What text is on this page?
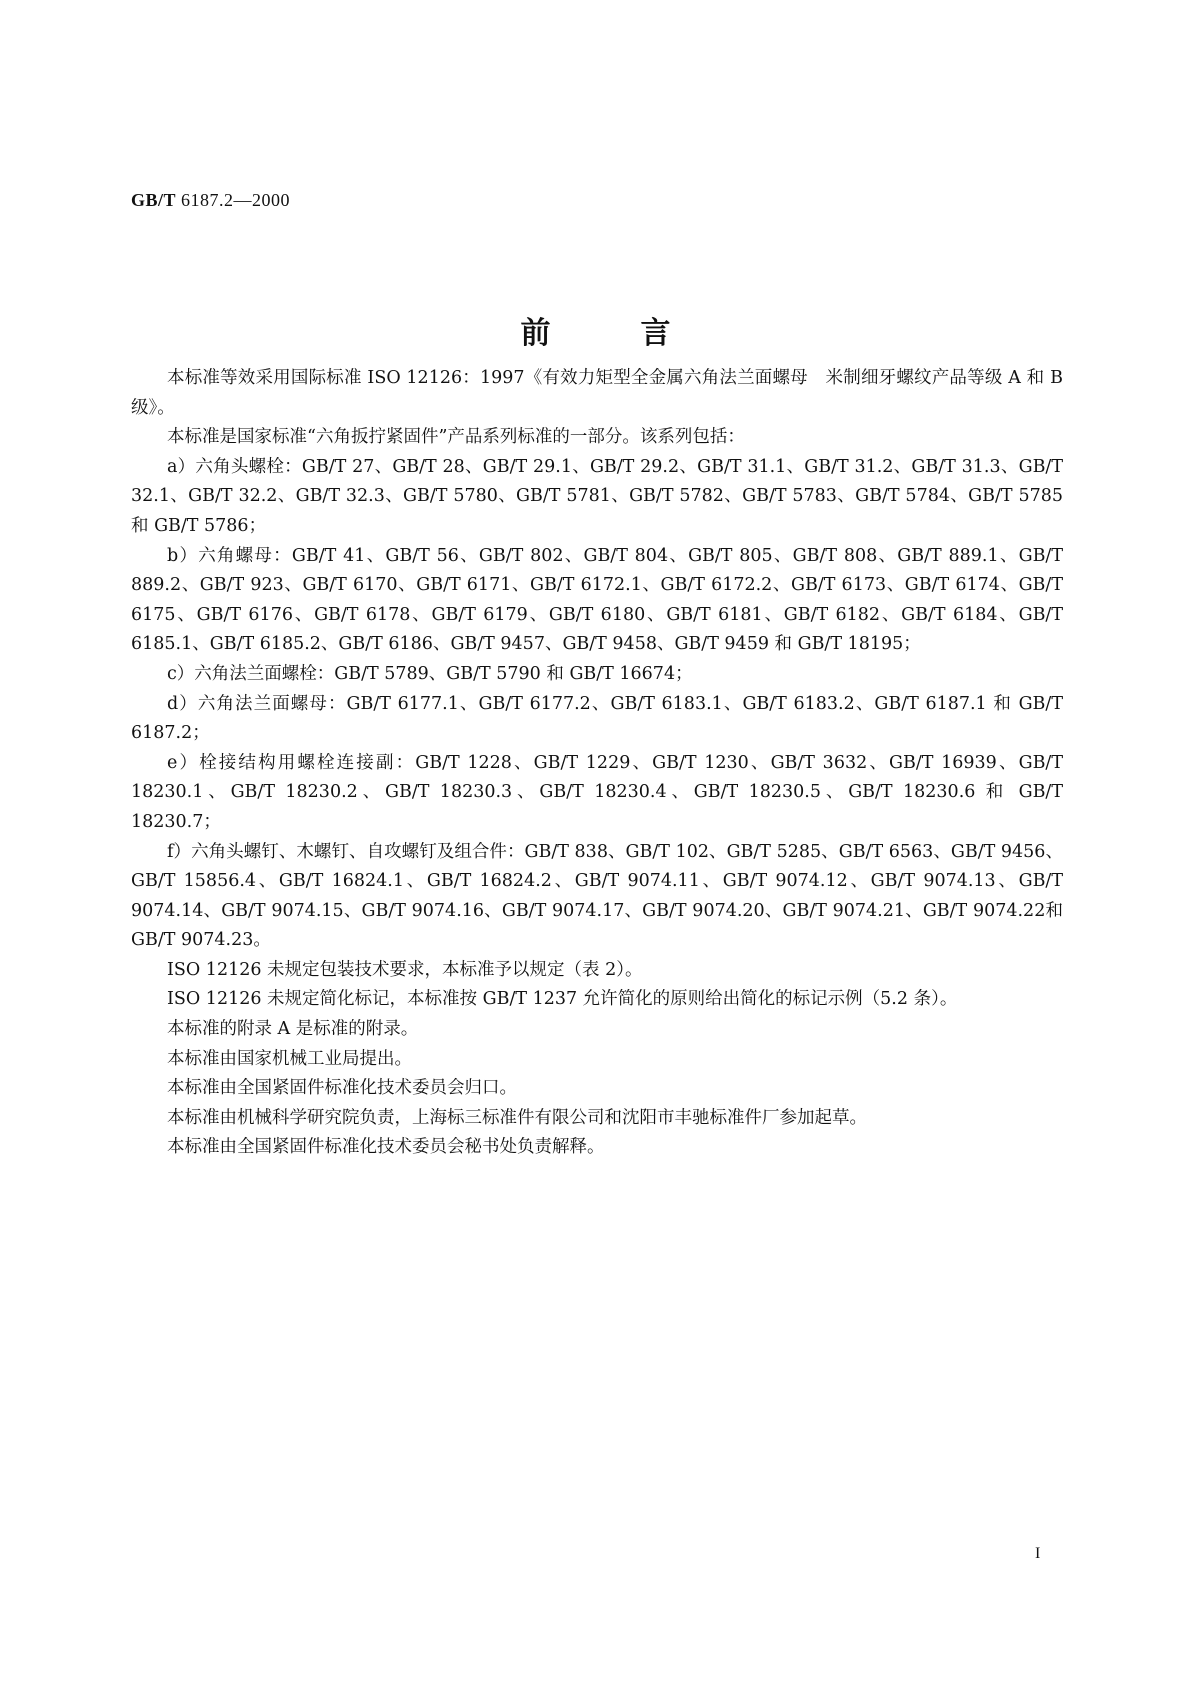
GB/T 6187.2—2000
前言

本标准等效采用国际标准 ISO 12126：1997《有效力矩型全金属六角法兰面螺母　米制细牙螺纹产品等级 A 和 B 级》。

本标准是国家标准“六角扳拧紧固件”产品系列标准的一部分。该系列包括：

a）六角头螺栓：GB/T 27、GB/T 28、GB/T 29.1、GB/T 29.2、GB/T 31.1、GB/T 31.2、GB/T 31.3、GB/T 32.1、GB/T 32.2、GB/T 32.3、GB/T 5780、GB/T 5781、GB/T 5782、GB/T 5783、GB/T 5784、GB/T 5785 和 GB/T 5786；

b）六角螺母：GB/T 41、GB/T 56、GB/T 802、GB/T 804、GB/T 805、GB/T 808、GB/T 889.1、GB/T 889.2、GB/T 923、GB/T 6170、GB/T 6171、GB/T 6172.1、GB/T 6172.2、GB/T 6173、GB/T 6174、GB/T 6175、GB/T 6176、GB/T 6178、GB/T 6179、GB/T 6180、GB/T 6181、GB/T 6182、GB/T 6184、GB/T 6185.1、GB/T 6185.2、GB/T 6186、GB/T 9457、GB/T 9458、GB/T 9459 和 GB/T 18195；

c）六角法兰面螺栓：GB/T 5789、GB/T 5790 和 GB/T 16674；

d）六角法兰面螺母：GB/T 6177.1、GB/T 6177.2、GB/T 6183.1、GB/T 6183.2、GB/T 6187.1 和 GB/T 6187.2；

e）栓接结构用螺栓连接副：GB/T 1228、GB/T 1229、GB/T 1230、GB/T 3632、GB/T 16939、GB/T 18230.1、GB/T 18230.2、GB/T 18230.3、GB/T 18230.4、GB/T 18230.5、GB/T 18230.6 和 GB/T 18230.7；

f）六角头螺钉、木螺钉、自攻螺钉及组合件：GB/T 838、GB/T 102、GB/T 5285、GB/T 6563、GB/T 9456、GB/T 15856.4、GB/T 16824.1、GB/T 16824.2、GB/T 9074.11、GB/T 9074.12、GB/T 9074.13、GB/T 9074.14、GB/T 9074.15、GB/T 9074.16、GB/T 9074.17、GB/T 9074.20、GB/T 9074.21、GB/T 9074.22和 GB/T 9074.23。

ISO 12126 未规定包装技术要求，本标准予以规定（表 2）。

ISO 12126 未规定简化标记，本标准按 GB/T 1237 允许简化的原则给出简化的标记示例（5.2 条）。

本标准的附录 A 是标准的附录。

本标准由国家机械工业局提出。

本标准由全国紧固件标准化技术委员会归口。

本标准由机械科学研究院负责，上海标三标准件有限公司和沈阳市丰驰标准件厂参加起草。

本标准由全国紧固件标准化技术委员会秘书处负责解释。

I
